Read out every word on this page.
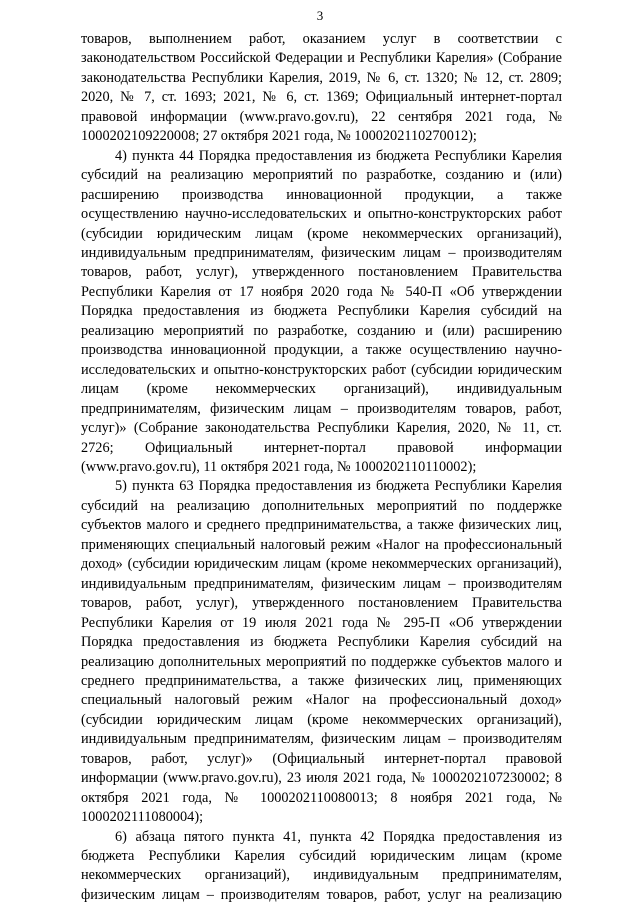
3

товаров, выполнением работ, оказанием услуг в соответствии с законодательством Российской Федерации и Республики Карелия» (Собрание законодательства Республики Карелия, 2019, № 6, ст. 1320; № 12, ст. 2809; 2020, № 7, ст. 1693; 2021, № 6, ст. 1369; Официальный интернет-портал правовой информации (www.pravo.gov.ru), 22 сентября 2021 года, № 1000202109220008; 27 октября 2021 года, № 1000202110270012);

4) пункта 44 Порядка предоставления из бюджета Республики Карелия субсидий на реализацию мероприятий по разработке, созданию и (или) расширению производства инновационной продукции, а также осуществлению научно-исследовательских и опытно-конструкторских работ (субсидии юридическим лицам (кроме некоммерческих организаций), индивидуальным предпринимателям, физическим лицам – производителям товаров, работ, услуг), утвержденного постановлением Правительства Республики Карелия от 17 ноября 2020 года № 540-П «Об утверждении Порядка предоставления из бюджета Республики Карелия субсидий на реализацию мероприятий по разработке, созданию и (или) расширению производства инновационной продукции, а также осуществлению научно-исследовательских и опытно-конструкторских работ (субсидии юридическим лицам (кроме некоммерческих организаций), индивидуальным предпринимателям, физическим лицам – производителям товаров, работ, услуг)» (Собрание законодательства Республики Карелия, 2020, № 11, ст. 2726; Официальный интернет-портал правовой информации (www.pravo.gov.ru), 11 октября 2021 года, № 1000202110110002);

5) пункта 63 Порядка предоставления из бюджета Республики Карелия субсидий на реализацию дополнительных мероприятий по поддержке субъектов малого и среднего предпринимательства, а также физических лиц, применяющих специальный налоговый режим «Налог на профессиональный доход» (субсидии юридическим лицам (кроме некоммерческих организаций), индивидуальным предпринимателям, физическим лицам – производителям товаров, работ, услуг), утвержденного постановлением Правительства Республики Карелия от 19 июля 2021 года № 295-П «Об утверждении Порядка предоставления из бюджета Республики Карелия субсидий на реализацию дополнительных мероприятий по поддержке субъектов малого и среднего предпринимательства, а также физических лиц, применяющих специальный налоговый режим «Налог на профессиональный доход» (субсидии юридическим лицам (кроме некоммерческих организаций), индивидуальным предпринимателям, физическим лицам – производителям товаров, работ, услуг)» (Официальный интернет-портал правовой информации (www.pravo.gov.ru), 23 июля 2021 года, № 1000202107230002; 8 октября 2021 года, № 1000202110080013; 8 ноября 2021 года, № 1000202111080004);

6) абзаца пятого пункта 41, пункта 42 Порядка предоставления из бюджета Республики Карелия субсидий юридическим лицам (кроме некоммерческих организаций), индивидуальным предпринимателям, физическим лицам – производителям товаров, работ, услуг на реализацию
